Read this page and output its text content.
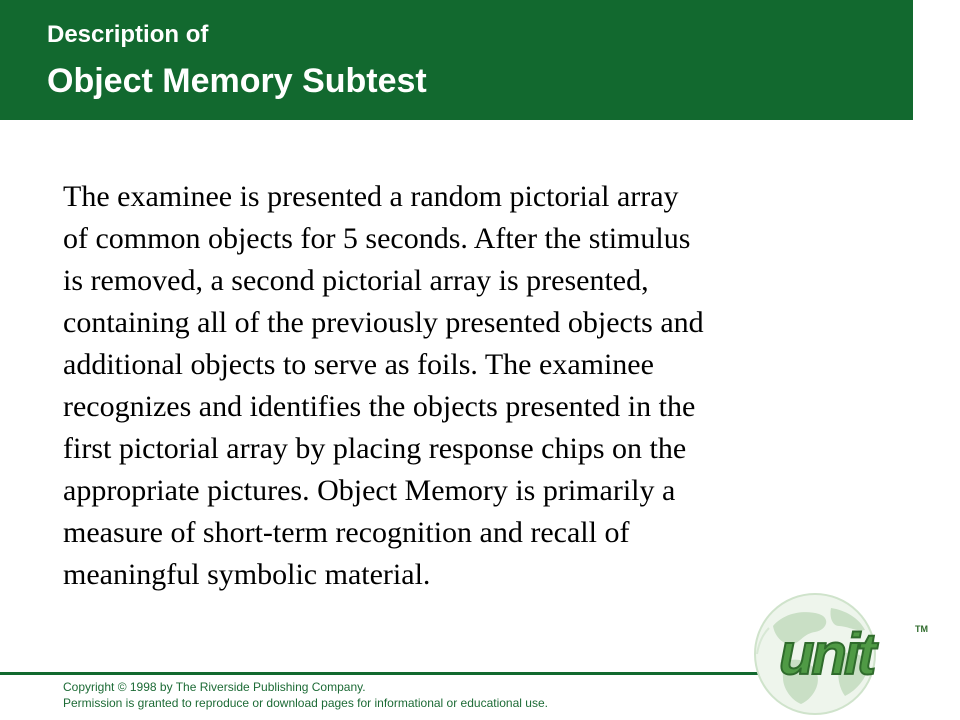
Description of
Object Memory Subtest

The examinee is presented a random pictorial array
of common objects for 5 seconds. After the stimulus
is removed, a second pictorial array is presented,
containing all of the previously presented objects and
additional objects to serve as foils. The examinee
recognizes and identifies the objects presented in the
first pictorial array by placing response chips on the
appropriate pictures. Object Memory is primarily a
measure of short-term recognition and recall of
meaningful symbolic material.

Copyright © 1998 by The Riverside Publishing Company.
Permission is granted to reproduce or download pages for informational or educational use.
unit	TM
